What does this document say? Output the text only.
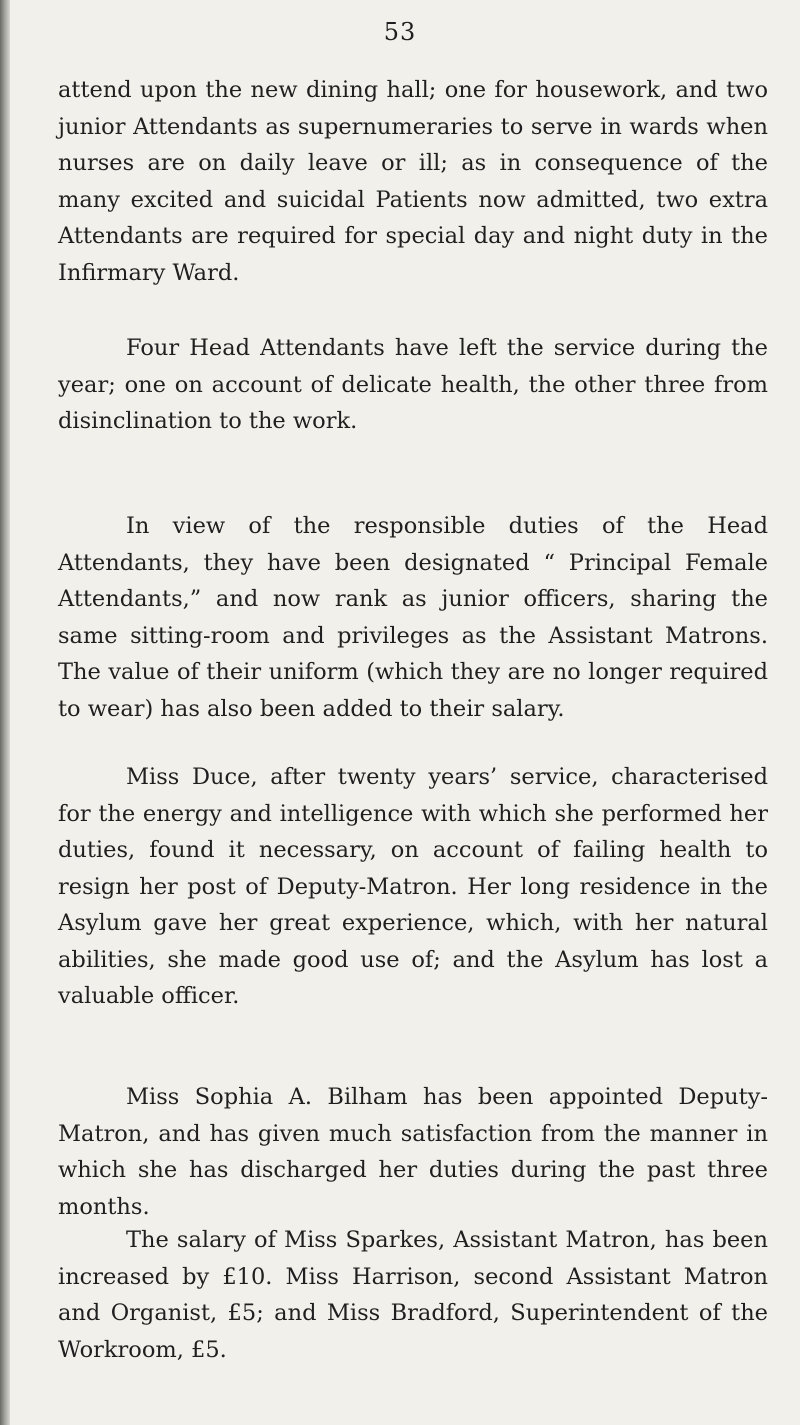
53

attend upon the new dining hall; one for housework, and two junior Attendants as supernumeraries to serve in wards when nurses are on daily leave or ill; as in consequence of the many excited and suicidal Patients now admitted, two extra Attendants are required for special day and night duty in the Infirmary Ward.

Four Head Attendants have left the service during the year; one on account of delicate health, the other three from disinclination to the work.

In view of the responsible duties of the Head Attendants, they have been designated “ Principal Female Attendants,” and now rank as junior officers, sharing the same sitting-room and privileges as the Assistant Matrons. The value of their uniform (which they are no longer required to wear) has also been added to their salary.

Miss Duce, after twenty years’ service, characterised for the energy and intelligence with which she performed her duties, found it necessary, on account of failing health to resign her post of Deputy-Matron. Her long residence in the Asylum gave her great experience, which, with her natural abilities, she made good use of; and the Asylum has lost a valuable officer.

Miss Sophia A. Bilham has been appointed Deputy-Matron, and has given much satisfaction from the manner in which she has discharged her duties during the past three months.

The salary of Miss Sparkes, Assistant Matron, has been increased by £10. Miss Harrison, second Assistant Matron and Organist, £5; and Miss Bradford, Superintendent of the Workroom, £5.
